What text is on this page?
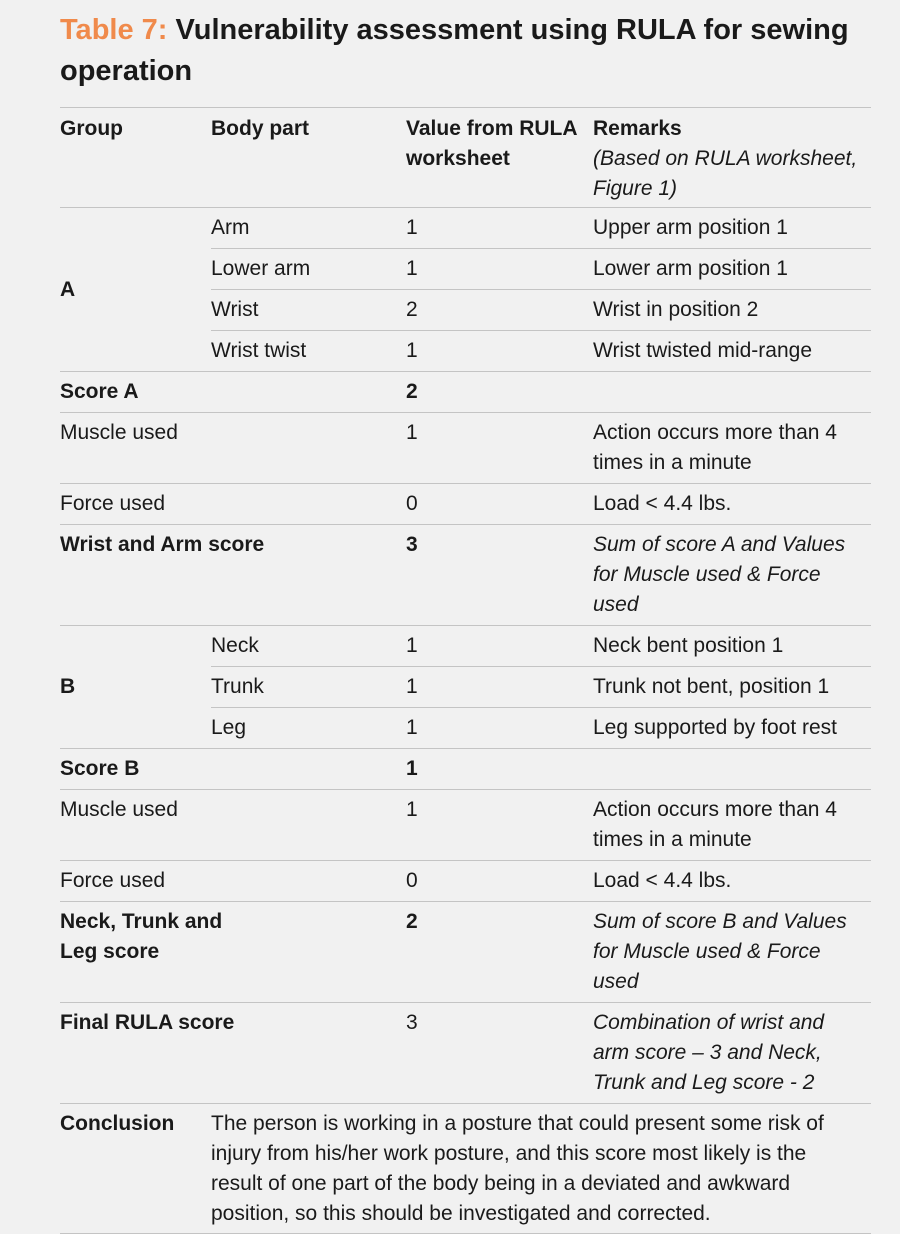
Table 7: Vulnerability assessment using RULA for sewing operation
Group	Body part	Value from RULA worksheet	Remarks
(Based on RULA worksheet, Figure 1)

A	Arm	1	Upper arm position 1
	Lower arm	1	Lower arm position 1
	Wrist	2	Wrist in position 2
	Wrist twist	1	Wrist twisted mid-range
Score A		2	
Muscle used		1	Action occurs more than 4 times in a minute
Force used		0	Load < 4.4 lbs.
Wrist and Arm score		3	Sum of score A and Values for Muscle used & Force used
B	Neck	1	Neck bent position 1
	Trunk	1	Trunk not bent, position 1
	Leg	1	Leg supported by foot rest
Score B		1	
Muscle used		1	Action occurs more than 4 times in a minute
Force used		0	Load < 4.4 lbs.

Neck, Trunk and Leg score		2	Sum of score B and Values for Muscle used & Force used
Final RULA score		3	Combination of wrist and arm score – 3 and Neck, Trunk and Leg score - 2

Conclusion	The person is working in a posture that could present some risk of injury from his/her work posture, and this score most likely is the result of one part of the body being in a deviated and awkward position, so this should be investigated and corrected.		
